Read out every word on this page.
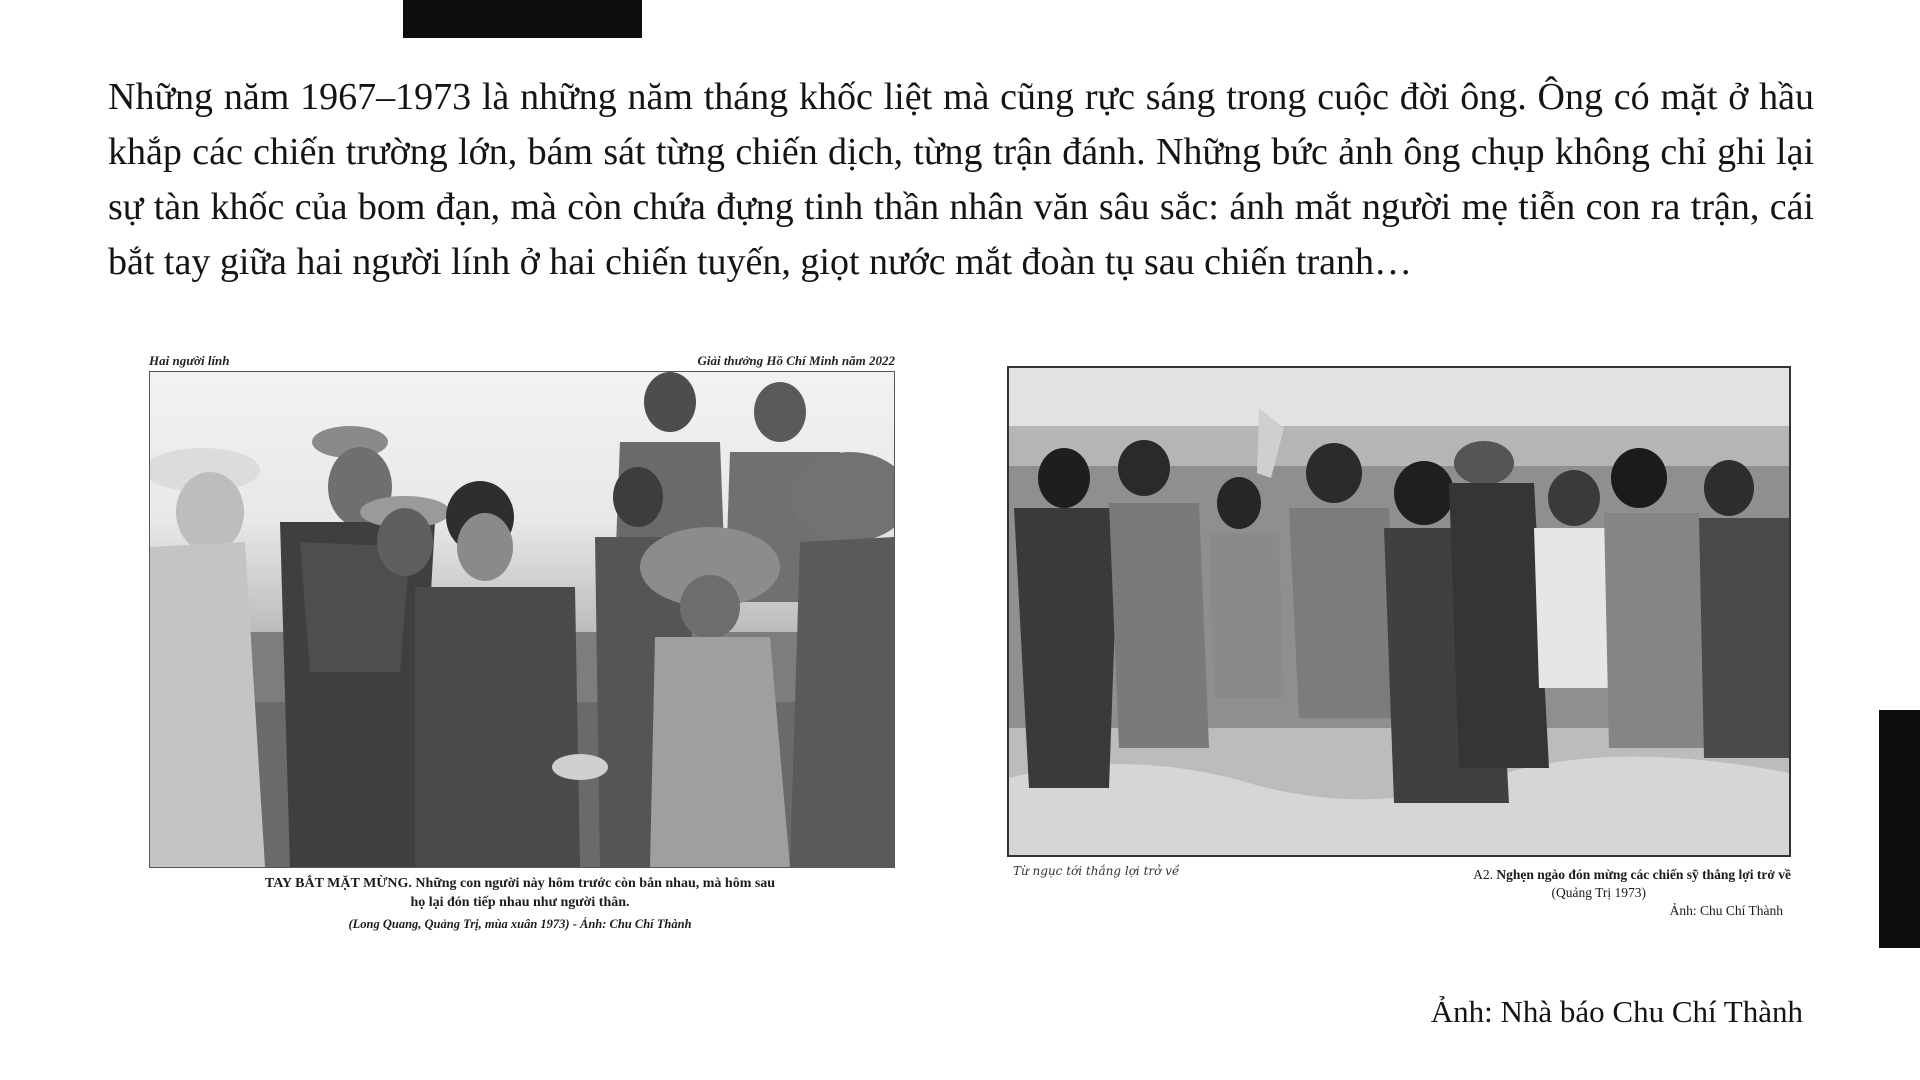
Những năm 1967–1973 là những năm tháng khốc liệt mà cũng rực sáng trong cuộc đời ông. Ông có mặt ở hầu khắp các chiến trường lớn, bám sát từng chiến dịch, từng trận đánh. Những bức ảnh ông chụp không chỉ ghi lại sự tàn khốc của bom đạn, mà còn chứa đựng tinh thần nhân văn sâu sắc: ánh mắt người mẹ tiễn con ra trận, cái bắt tay giữa hai người lính ở hai chiến tuyến, giọt nước mắt đoàn tụ sau chiến tranh…

Hai người lính	Giải thưởng Hồ Chí Minh năm 2022
TAY BẮT MẶT MỪNG. Những con người này hôm trước còn bắn nhau, mà hôm sau
họ lại đón tiếp nhau như người thân.
(Long Quang, Quảng Trị, mùa xuân 1973) - Ảnh: Chu Chí Thành
Từ ngục tới thắng lợi trở về	A2. Nghẹn ngào đón mừng các chiến sỹ thắng lợi trở về
(Quảng Trị 1973)
Ảnh: Chu Chí Thành
Ảnh: Nhà báo Chu Chí Thành
